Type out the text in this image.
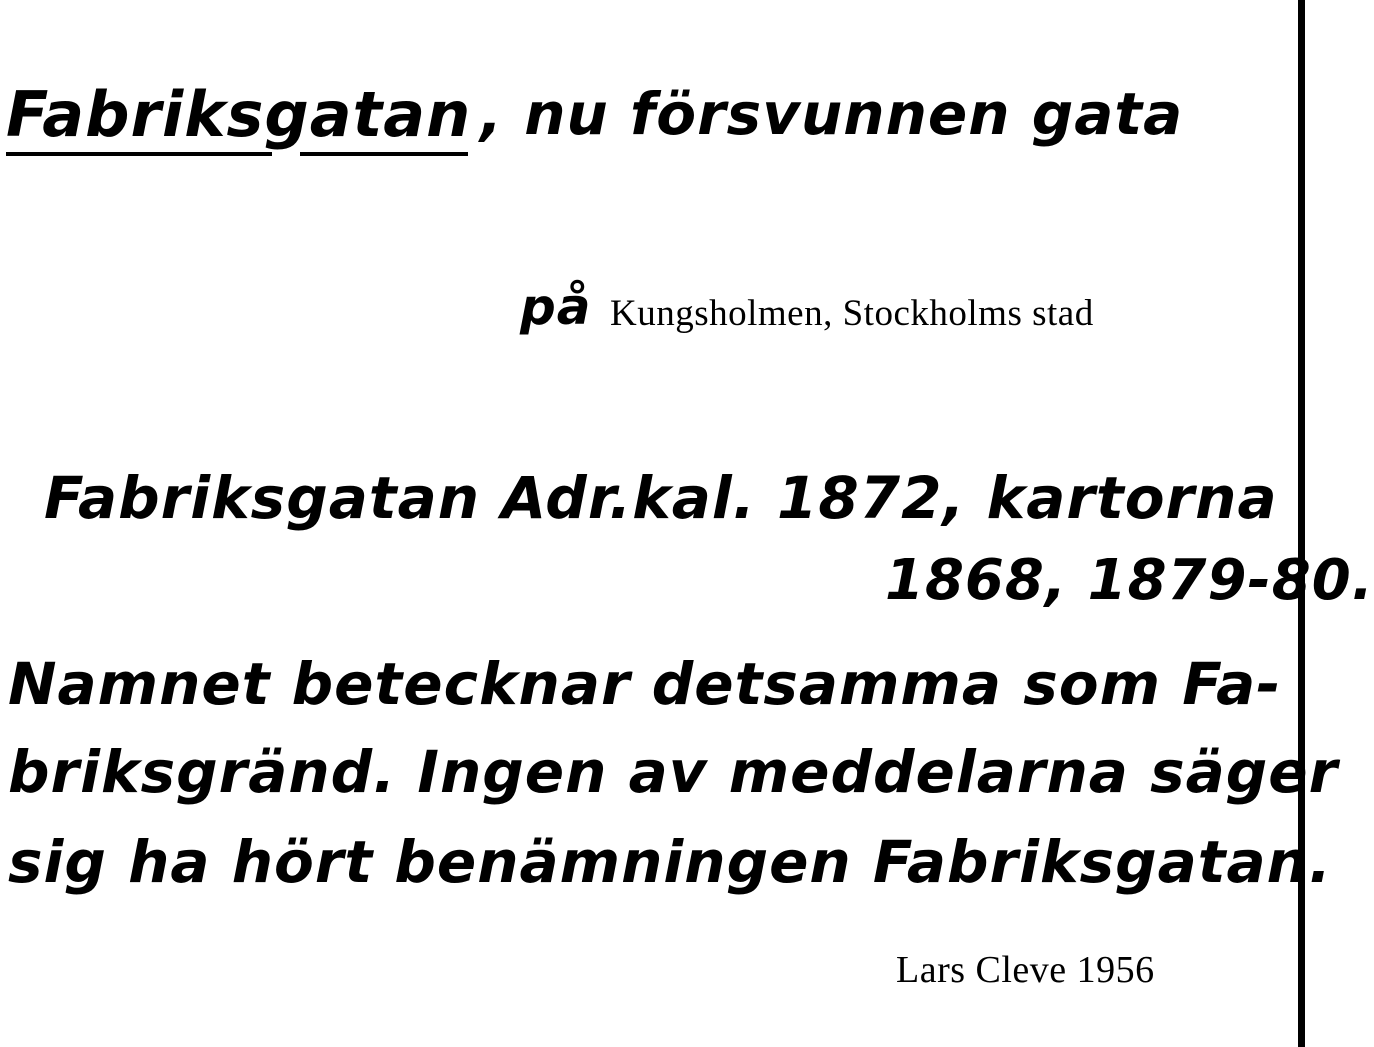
Fabriksgatan , nu försvunnen gata
på Kungsholmen, Stockholms stad
Fabriksgatan Adr.kal. 1872, kartorna
1868, 1879-80.
Namnet betecknar detsamma som Fa-
briksgränd. Ingen av meddelarna säger
sig ha hört benämningen Fabriksgatan.
Lars Cleve 1956
